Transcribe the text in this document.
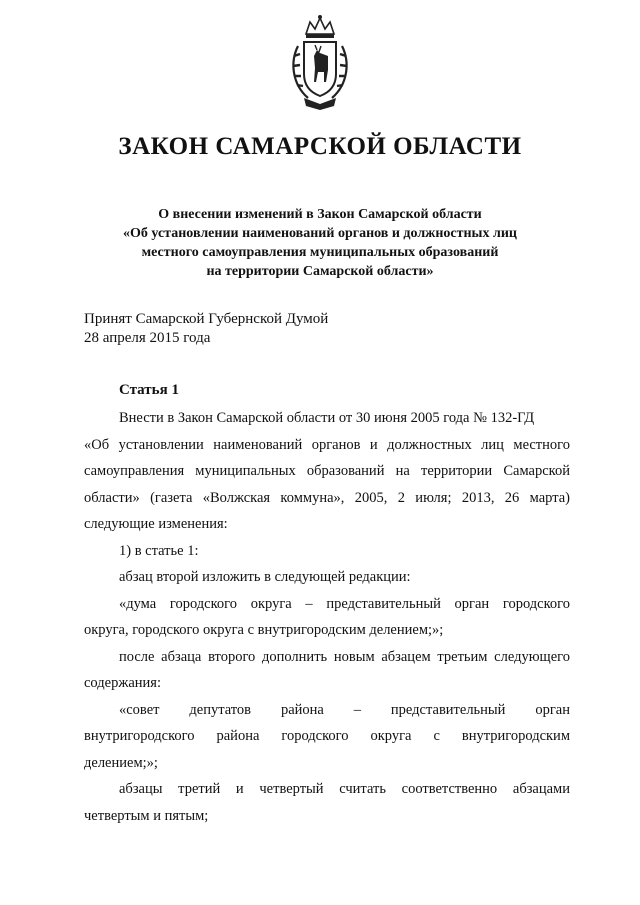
ЗАКОН САМАРСКОЙ ОБЛАСТИ
О внесении изменений в Закон Самарской области
«Об установлении наименований органов и должностных лиц
местного самоуправления муниципальных образований
на территории Самарской области»
Принят Самарской Губернской Думой
28 апреля 2015 года
Статья 1
Внести в Закон Самарской области от 30 июня 2005 года № 132-ГД
«Об установлении наименований органов и должностных лиц местного
самоуправления муниципальных образований на территории Самарской
области» (газета «Волжская коммуна», 2005, 2 июля; 2013, 26 марта)
следующие изменения:
1) в статье 1:
абзац второй изложить в следующей редакции:
«дума городского округа – представительный орган городского
округа, городского округа с внутригородским делением;»;
после абзаца второго дополнить новым абзацем третьим следующего
содержания:
«совет депутатов района – представительный орган
внутригородского района городского округа с внутригородским
делением;»;
абзацы третий и четвертый считать соответственно абзацами
четвертым и пятым;
